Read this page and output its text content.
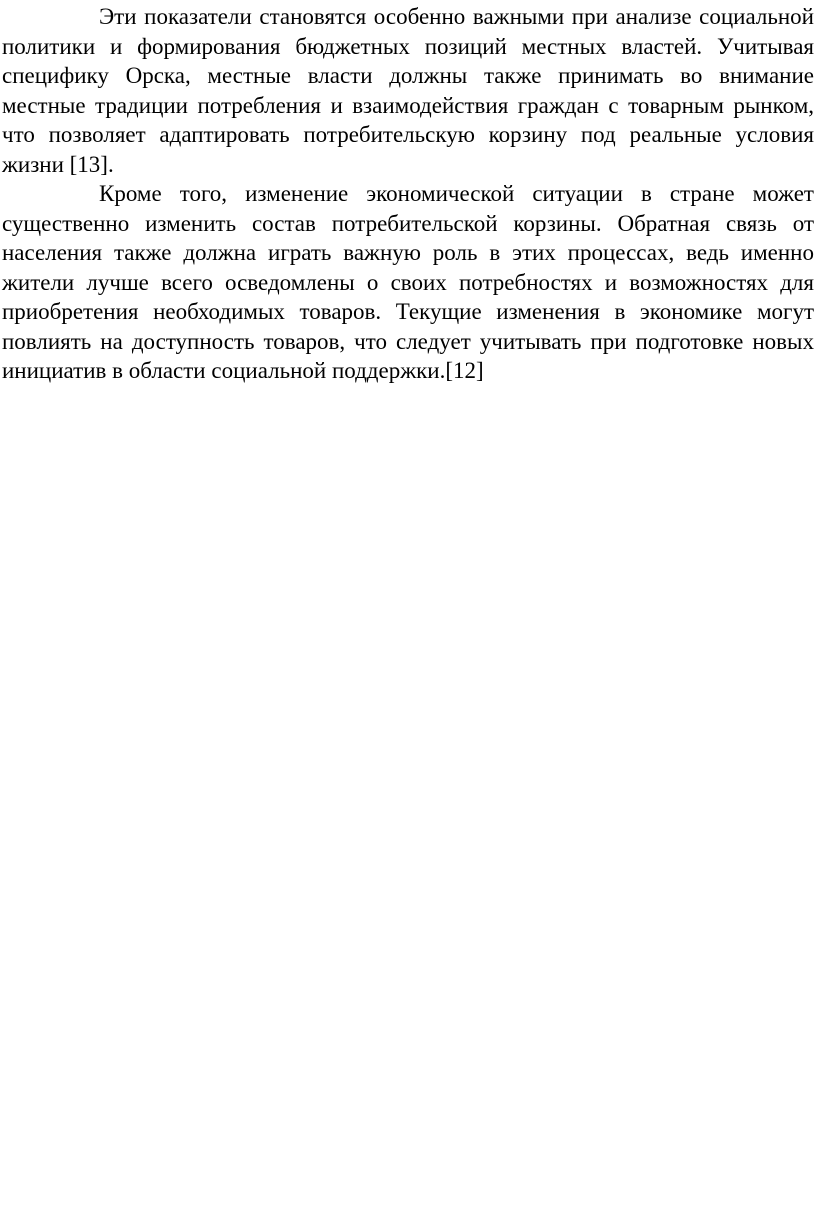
Эти показатели становятся особенно важными при анализе социальной политики и формирования бюджетных позиций местных властей. Учитывая специфику Орска, местные власти должны также принимать во внимание местные традиции потребления и взаимодействия граждан с товарным рынком, что позволяет адаптировать потребительскую корзину под реальные условия жизни [13].

Кроме того, изменение экономической ситуации в стране может существенно изменить состав потребительской корзины. Обратная связь от населения также должна играть важную роль в этих процессах, ведь именно жители лучше всего осведомлены о своих потребностях и возможностях для приобретения необходимых товаров. Текущие изменения в экономике могут повлиять на доступность товаров, что следует учитывать при подготовке новых инициатив в области социальной поддержки.[12]
